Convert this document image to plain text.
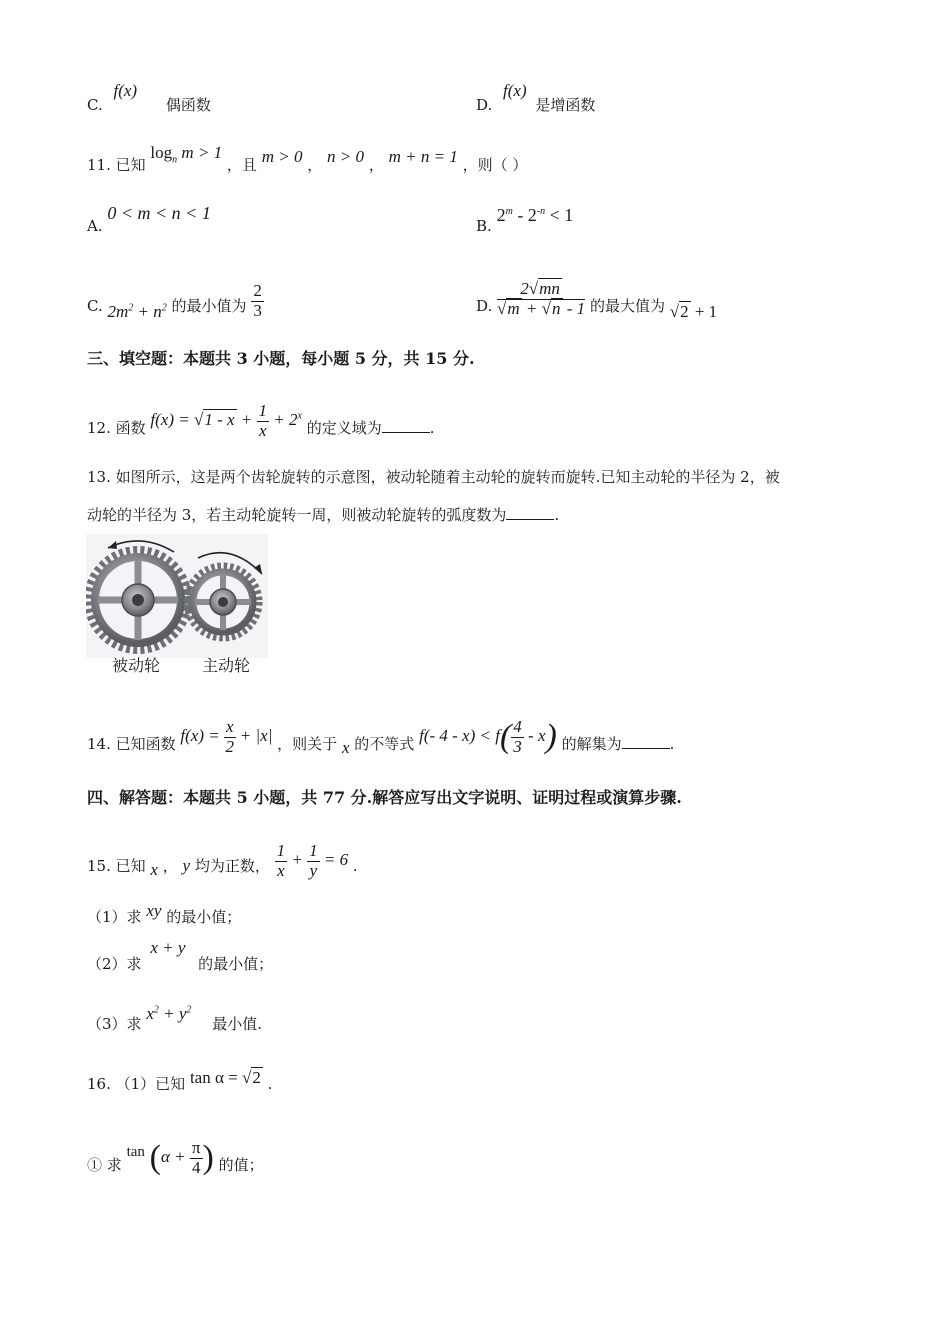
C. f(x) 偶函数	D. f(x) 是增函数
11. 已知 $\log_n m > 1$ ，且 m > 0 ， n > 0 ， m + n = 1 ，则（ ）
A. 0 < m < n < 1
B. $2^m - 2^{-n} < 1$
C. $2m^2 + n^2$ 的最小值为 $\frac{2}{3}$	D. $\frac{2√mn}{√m + √n - 1}$ 的最大值为 √2 + 1
三、填空题：本题共 3 小题，每小题 5 分，共 15 分.
12. 函数 $f(x) = √1 - x + \frac{1}{x} + 2^x$ 的定义域为	.
13. 如图所示，这是两个齿轮旋转的示意图，被动轮随着主动轮的旋转而旋转.已知主动轮的半径为 2，被
动轮的半径为 3，若主动轮旋转一周，则被动轮旋转的弧度数为	.
被动轮	主动轮
14. 已知函数 $f(x) = \frac{x}{2} + |x|$ ，则关于 x 的不等式 f(- $4 - x) < f( \frac{4}{3} - x)$ 的解集为	.
四、解答题：本题共 5 小题，共 77 分.解答应写出文字说明、证明过程或演算步骤.
15. 已知 x ， y 均为正数， $\frac{1}{x} + \frac{1}{y} = 6$ .
（1）求 xy 的最小值；
（2）求 x + y 的最小值；
（3）求 $x^2 + y^2$ 最小值.
16. （1）已知 tan α = √2 .
① 求 $\tan (\alpha + \frac{\pi}{4}$ ) 的值；
